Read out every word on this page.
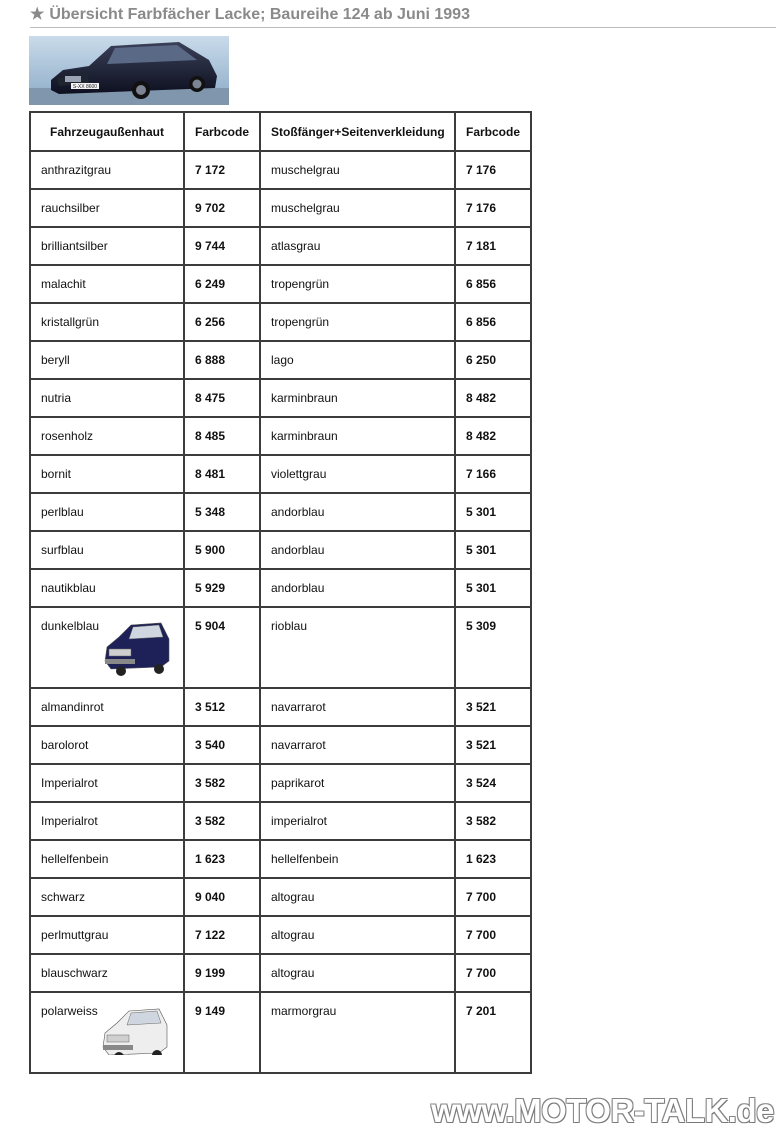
★ Übersicht Farbfächer Lacke; Baureihe 124 ab Juni 1993
S-XX 8600
Fahrzeugaußenhaut	Farbcode	Stoßfänger+Seitenverkleidung	Farbcode
anthrazitgrau	7 172	muschelgrau	7 176
rauchsilber	9 702	muschelgrau	7 176
brilliantsilber	9 744	atlasgrau	7 181
malachit	6 249	tropengrün	6 856
kristallgrün	6 256	tropengrün	6 856
beryll	6 888	lago	6 250
nutria	8 475	karminbraun	8 482
rosenholz	8 485	karminbraun	8 482
bornit	8 481	violettgrau	7 166
perlblau	5 348	andorblau	5 301
surfblau	5 900	andorblau	5 301
nautikblau	5 929	andorblau	5 301
dunkelblau	5 904	rioblau	5 309
almandinrot	3 512	navarrarot	3 521
barolorot	3 540	navarrarot	3 521
Imperialrot	3 582	paprikarot	3 524
Imperialrot	3 582	imperialrot	3 582
hellelfenbein	1 623	hellelfenbein	1 623
schwarz	9 040	altograu	7 700
perlmuttgrau	7 122	altograu	7 700
blauschwarz	9 199	altograu	7 700
polarweiss	9 149	marmorgrau	7 201
www.MOTOR-TALK.de
